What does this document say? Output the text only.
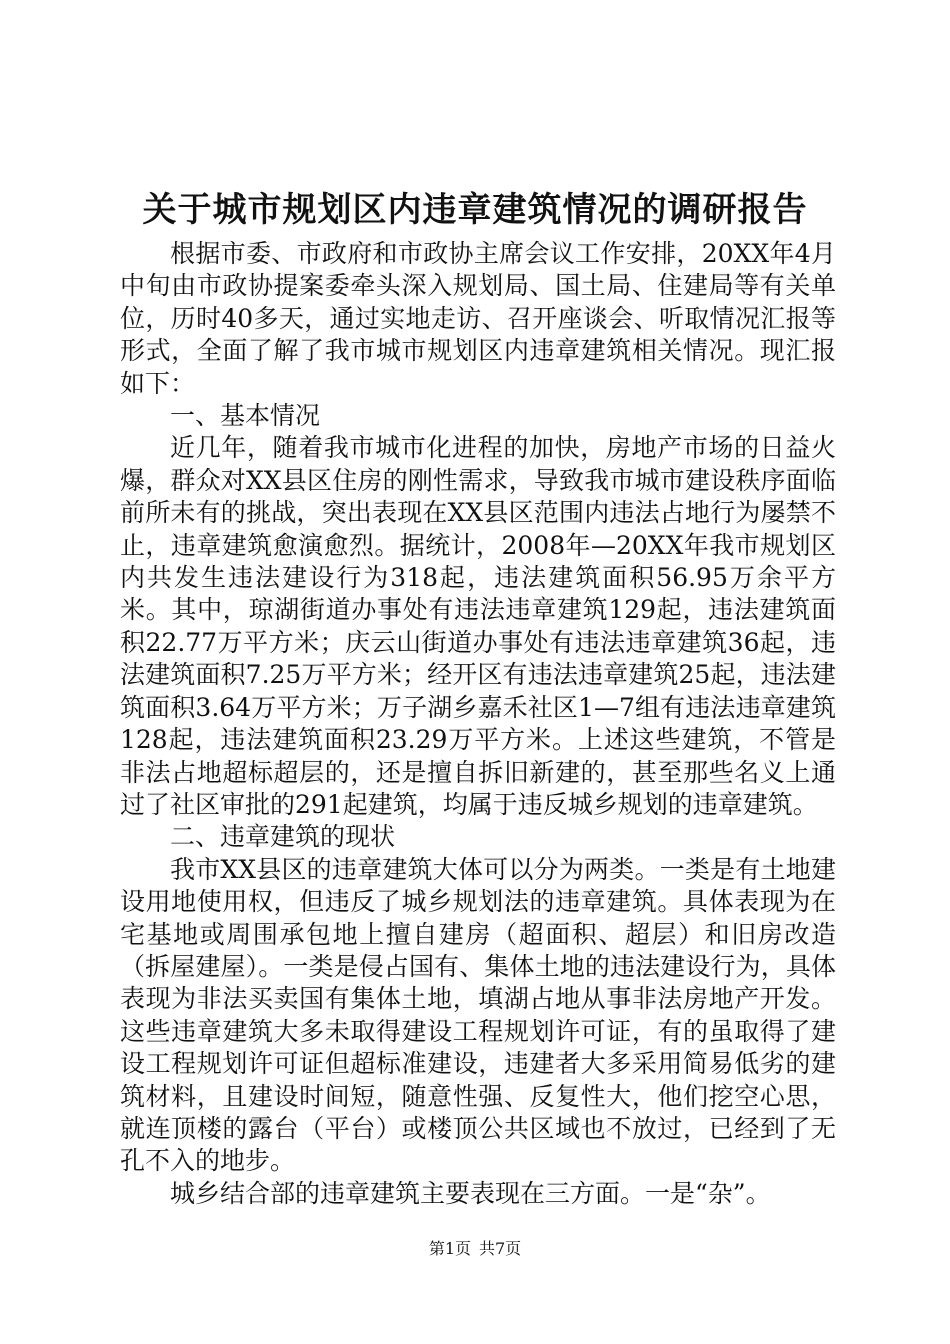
关于城市规划区内违章建筑情况的调研报告

根据市委、市政府和市政协主席会议工作安排，20XX年4月中旬由市政协提案委牵头深入规划局、国土局、住建局等有关单位，历时40多天，通过实地走访、召开座谈会、听取情况汇报等形式，全面了解了我市城市规划区内违章建筑相关情况。现汇报如下：

一、基本情况

近几年，随着我市城市化进程的加快，房地产市场的日益火爆，群众对XX县区住房的刚性需求，导致我市城市建设秩序面临前所未有的挑战，突出表现在XX县区范围内违法占地行为屡禁不止，违章建筑愈演愈烈。据统计，2008年—20XX年我市规划区内共发生违法建设行为318起，违法建筑面积56.95万余平方米。其中，琼湖街道办事处有违法违章建筑129起，违法建筑面积22.77万平方米；庆云山街道办事处有违法违章建筑36起，违法建筑面积7.25万平方米；经开区有违法违章建筑25起，违法建筑面积3.64万平方米；万子湖乡嘉禾社区1—7组有违法违章建筑128起，违法建筑面积23.29万平方米。上述这些建筑，不管是非法占地超标超层的，还是擅自拆旧新建的，甚至那些名义上通过了社区审批的291起建筑，均属于违反城乡规划的违章建筑。

二、违章建筑的现状

我市XX县区的违章建筑大体可以分为两类。一类是有土地建设用地使用权，但违反了城乡规划法的违章建筑。具体表现为在宅基地或周围承包地上擅自建房（超面积、超层）和旧房改造（拆屋建屋）。一类是侵占国有、集体土地的违法建设行为，具体表现为非法买卖国有集体土地，填湖占地从事非法房地产开发。这些违章建筑大多未取得建设工程规划许可证，有的虽取得了建设工程规划许可证但超标准建设，违建者大多采用简易低劣的建筑材料，且建设时间短，随意性强、反复性大，他们挖空心思，就连顶楼的露台（平台）或楼顶公共区域也不放过，已经到了无孔不入的地步。

城乡结合部的违章建筑主要表现在三方面。一是“杂”。

第1页 共7页
